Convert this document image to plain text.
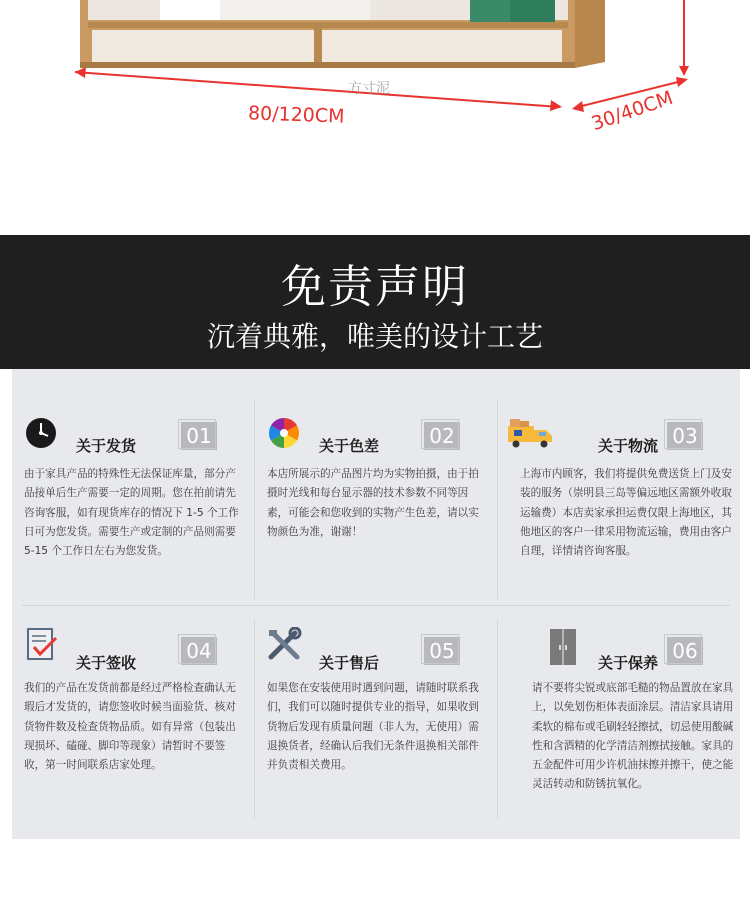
方寸泥
80/120CM	30/40CM
免责声明
沉着典雅，唯美的设计工艺
关于发货	01
由于家具产品的特殊性无法保证库量，部分产品接单后生产需要一定的周期。您在拍前请先咨询客服，如有现货库存的情况下 1-5 个工作日可为您发货。需要生产或定制的产品则需要 5-15 个工作日左右为您发货。
关于色差	02
本店所展示的产品图片均为实物拍摄，由于拍摄时光线和每台显示器的技术参数不同等因素，可能会和您收到的实物产生色差，请以实物颜色为准，谢谢！
关于物流 03
上海市内顾客，我们将提供免费送货上门及安装的服务（崇明县三岛等偏远地区需额外收取运输费）本店卖家承担运费仅限上海地区，其他地区的客户一律采用物流运输，费用由客户自理，详情请咨询客服。
关于签收	04
我们的产品在发货前都是经过严格检查确认无瑕后才发货的，请您签收时候当面验货、核对货物件数及检查货物品质。如有异常（包装出现损坏、磕碰、脚印等现象）请暂时不要签收，第一时间联系店家处理。
关于售后	05
如果您在安装使用时遇到问题，请随时联系我们，我们可以随时提供专业的指导，如果收到货物后发现有质量问题（非人为，无使用）需退换货者，经确认后我们无条件退换相关部件并负责相关费用。
关于保养 06
请不要将尖锐或底部毛糙的物品置放在家具上，以免划伤柜体表面涂层。清洁家具请用柔软的棉布或毛刷轻轻擦拭，切忌使用酸碱性和含酒精的化学清洁剂擦拭接触。家具的五金配件可用少许机油抹擦并擦干，使之能灵活转动和防锈抗氧化。
